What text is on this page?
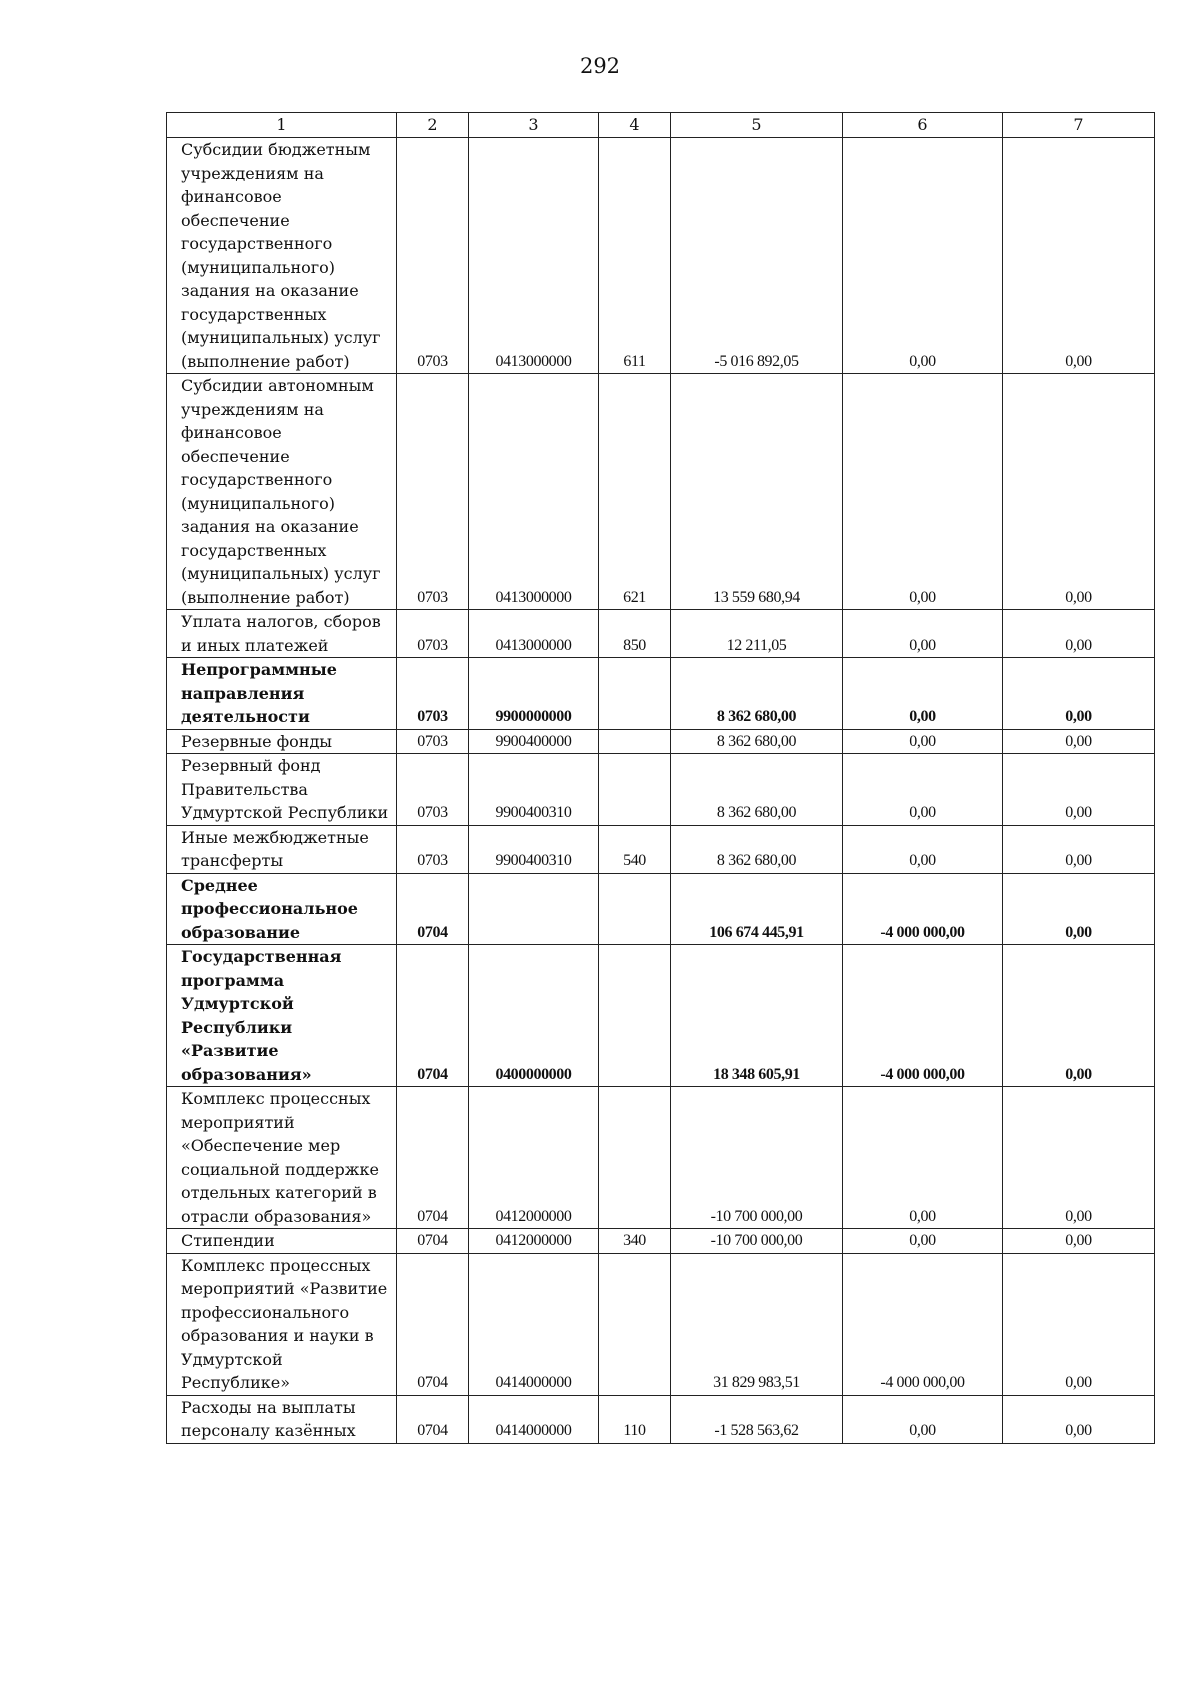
292
1	2	3	4	5	6	7
Субсидии бюджетным учреждениям на финансовое обеспечение государственного (муниципального) задания на оказание государственных (муниципальных) услуг (выполнение работ)	0703	0413000000	611	-5 016 892,05	0,00	0,00
Субсидии автономным учреждениям на финансовое обеспечение государственного (муниципального) задания на оказание государственных (муниципальных) услуг (выполнение работ)	0703	0413000000	621	13 559 680,94	0,00	0,00
Уплата налогов, сборов и иных платежей	0703	0413000000	850	12 211,05	0,00	0,00
Непрограммные направления деятельности	0703	9900000000		8 362 680,00	0,00	0,00
Резервные фонды	0703	9900400000		8 362 680,00	0,00	0,00
Резервный фонд Правительства Удмуртской Республики	0703	9900400310		8 362 680,00	0,00	0,00
Иные межбюджетные трансферты	0703	9900400310	540	8 362 680,00	0,00	0,00
Среднее профессиональное образование	0704			106 674 445,91	-4 000 000,00	0,00
Государственная программа Удмуртской Республики «Развитие образования»	0704	0400000000		18 348 605,91	-4 000 000,00	0,00
Комплекс процессных мероприятий «Обеспечение мер социальной поддержке отдельных категорий в отрасли образования»	0704	0412000000		-10 700 000,00	0,00	0,00
Стипендии	0704	0412000000	340	-10 700 000,00	0,00	0,00
Комплекс процессных мероприятий «Развитие профессионального образования и науки в Удмуртской Республике»	0704	0414000000		31 829 983,51	-4 000 000,00	0,00
Расходы на выплаты персоналу казённых	0704	0414000000	110	-1 528 563,62	0,00	0,00
